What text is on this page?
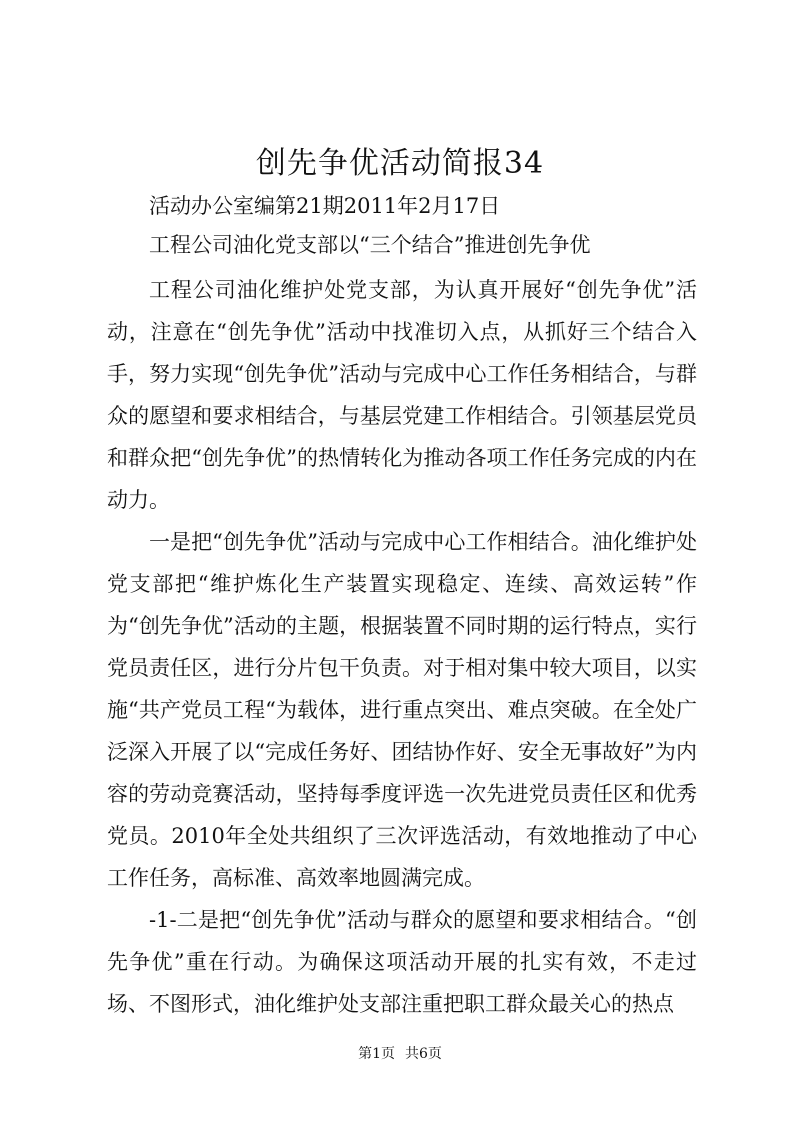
创先争优活动简报34
活动办公室编第21期2011年2月17日
工程公司油化党支部以“三个结合”推进创先争优

工程公司油化维护处党支部，为认真开展好“创先争优”活动，注意在“创先争优”活动中找准切入点，从抓好三个结合入手，努力实现“创先争优”活动与完成中心工作任务相结合，与群众的愿望和要求相结合，与基层党建工作相结合。引领基层党员和群众把“创先争优”的热情转化为推动各项工作任务完成的内在动力。

一是把“创先争优”活动与完成中心工作相结合。油化维护处党支部把“维护炼化生产装置实现稳定、连续、高效运转”作为“创先争优”活动的主题，根据装置不同时期的运行特点，实行党员责任区，进行分片包干负责。对于相对集中较大项目，以实施“共产党员工程“为载体，进行重点突出、难点突破。在全处广泛深入开展了以“完成任务好、团结协作好、安全无事故好”为内容的劳动竞赛活动，坚持每季度评选一次先进党员责任区和优秀党员。2010年全处共组织了三次评选活动，有效地推动了中心工作任务，高标准、高效率地圆满完成。

-1-二是把“创先争优”活动与群众的愿望和要求相结合。“创先争优”重在行动。为确保这项活动开展的扎实有效，不走过场、不图形式，油化维护处支部注重把职工群众最关心的热点

第1页 共6页
